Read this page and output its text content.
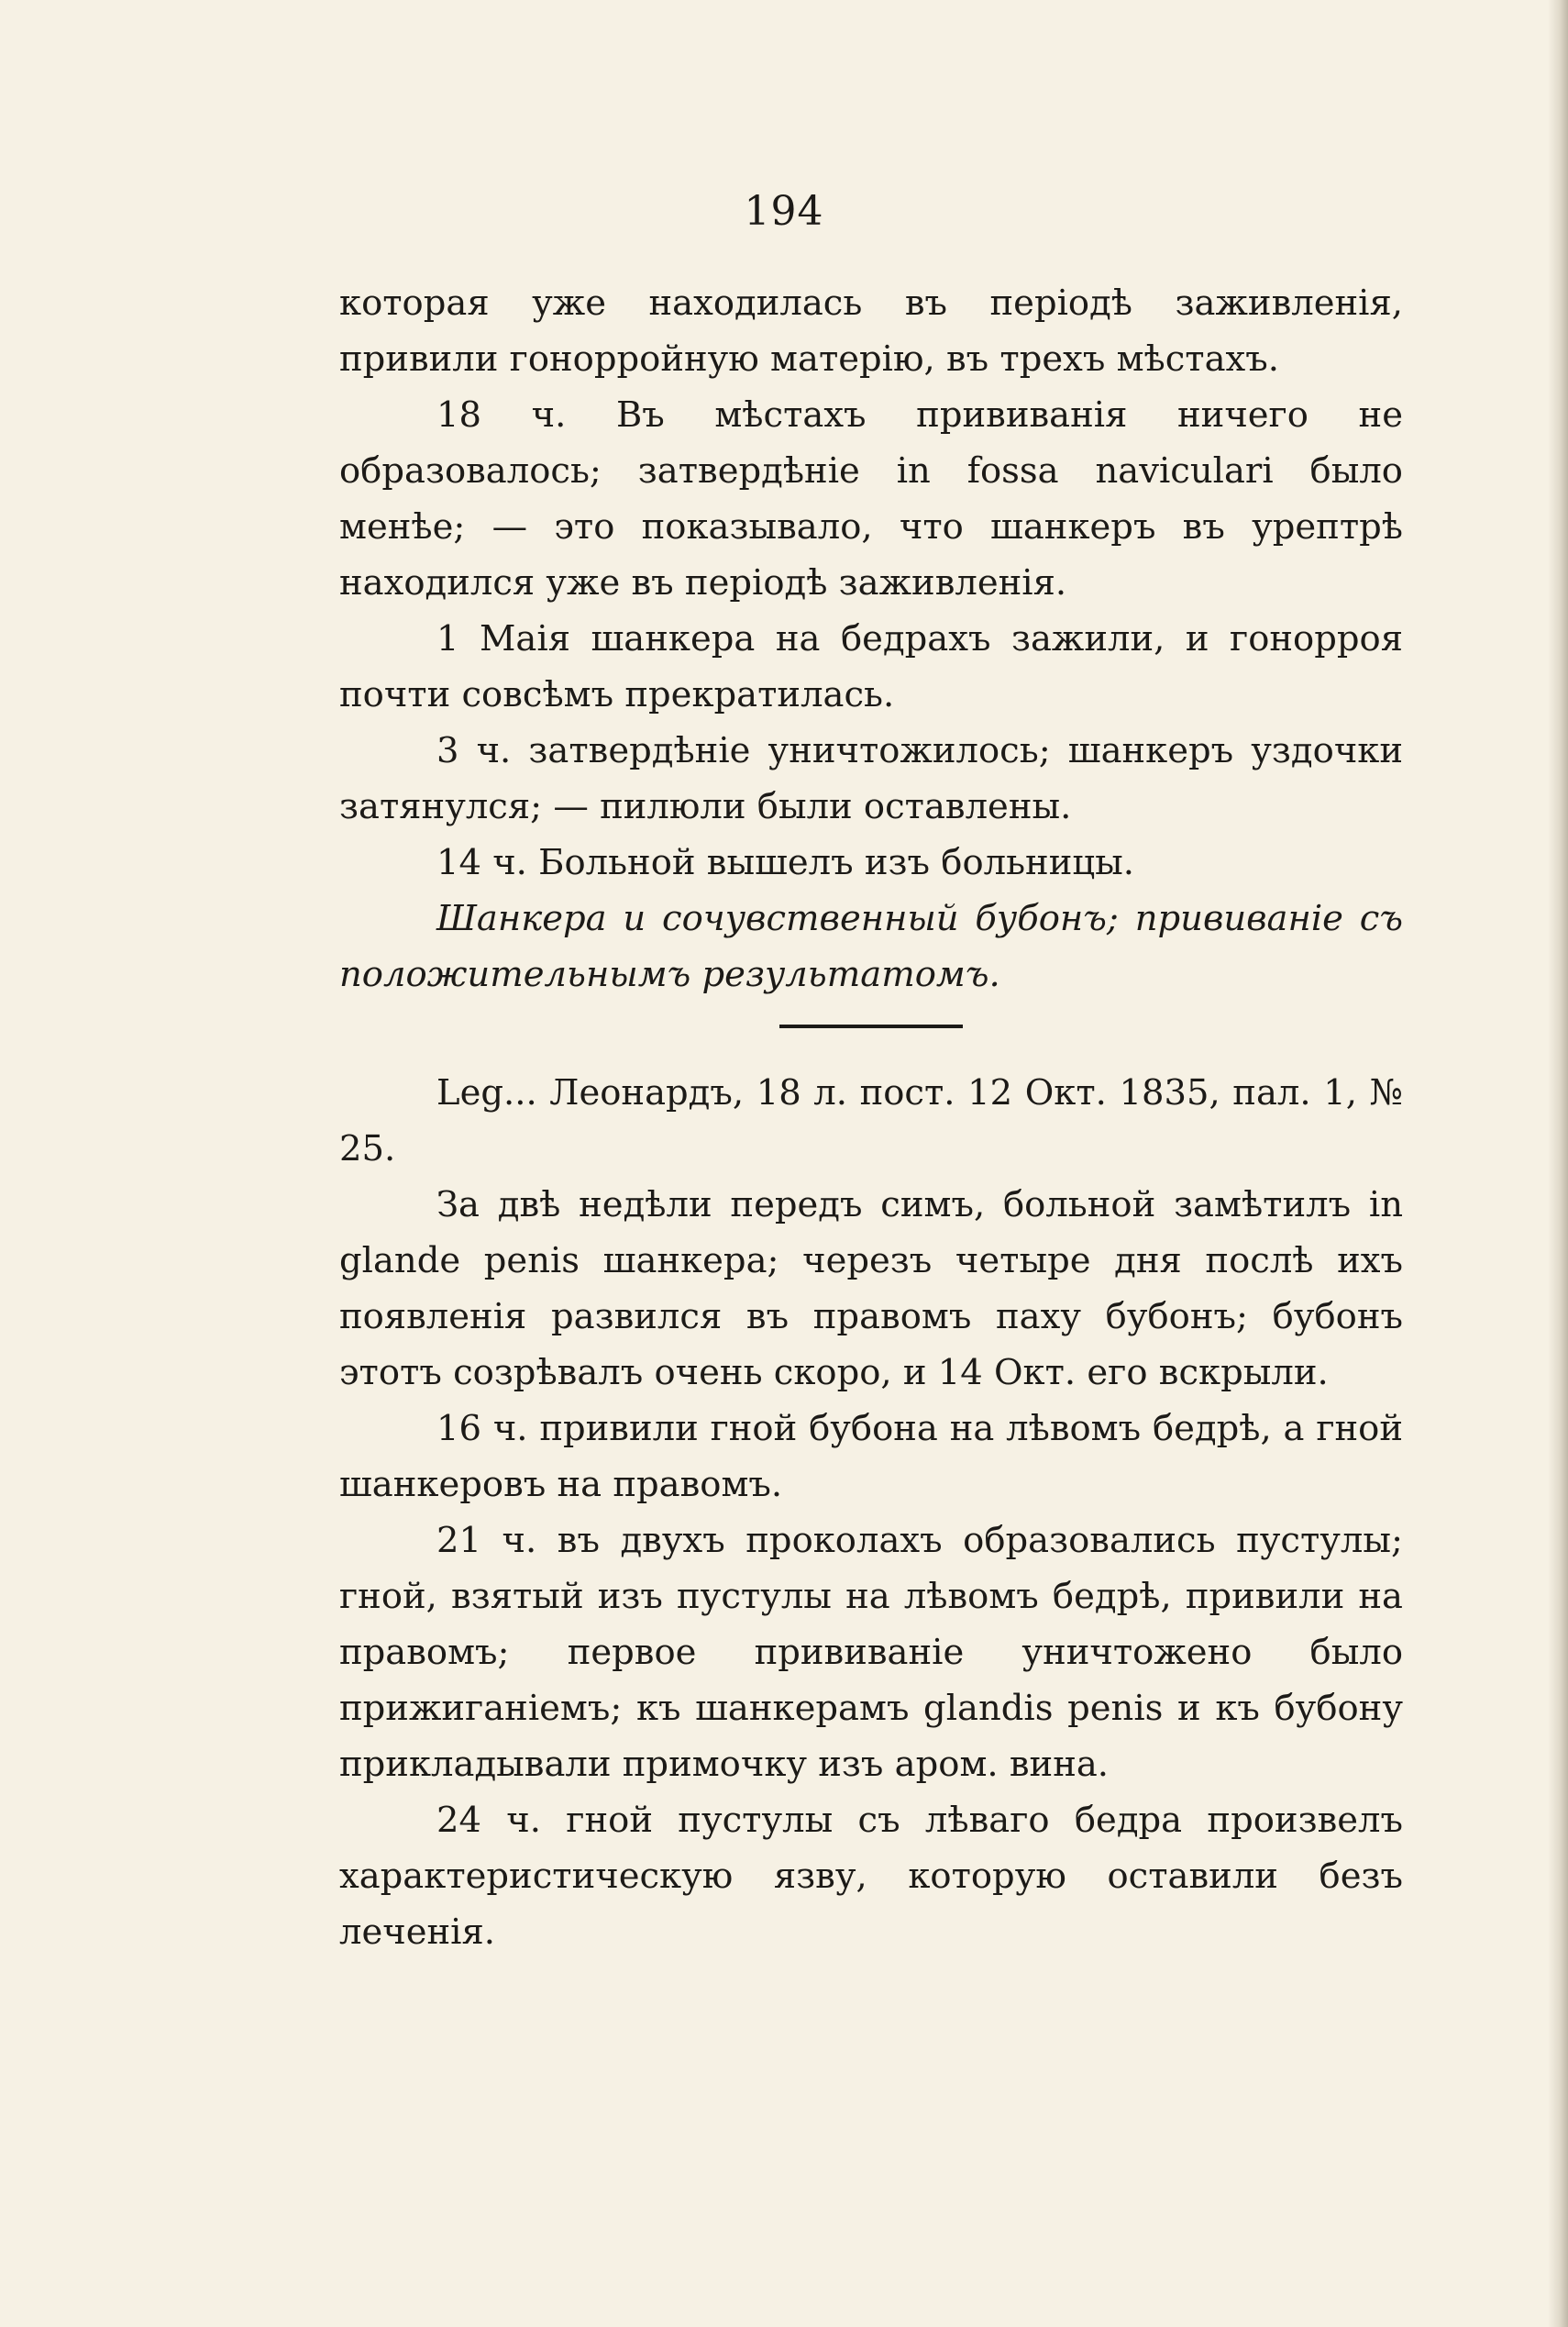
194

которая уже находилась въ періодѣ заживленія, привили гонорройную матерію, въ трехъ мѣстахъ.

18 ч. Въ мѣстахъ прививанія ничего не образовалось; затвердѣніе in fossa naviculari было менѣе; — это показывало, что шанкеръ въ урептрѣ находился уже въ періодѣ заживленія.

1 Маія шанкера на бедрахъ зажили, и гонорроя почти совсѣмъ прекратилась.

3 ч. затвердѣніе уничтожилось; шанкеръ уздочки затянулся; — пилюли были оставлены.

14 ч. Больной вышелъ изъ больницы.

Шанкера и сочувственный бубонъ; прививаніе съ положительнымъ результатомъ.

Leg... Леонардъ, 18 л. пост. 12 Окт. 1835, пал. 1, № 25.

За двѣ недѣли передъ симъ, больной замѣтилъ in glande penis шанкера; черезъ четыре дня послѣ ихъ появленія развился въ правомъ паху бубонъ; бубонъ этотъ созрѣвалъ очень скоро, и 14 Окт. его вскрыли.

16 ч. привили гной бубона на лѣвомъ бедрѣ, а гной шанкеровъ на правомъ.

21 ч. въ двухъ проколахъ образовались пустулы; гной, взятый изъ пустулы на лѣвомъ бедрѣ, привили на правомъ; первое прививаніе уничтожено было прижиганіемъ; къ шанкерамъ glandis penis и къ бубону прикладывали примочку изъ аром. вина.

24 ч. гной пустулы съ лѣваго бедра произвелъ характеристическую язву, которую оставили безъ леченія.
